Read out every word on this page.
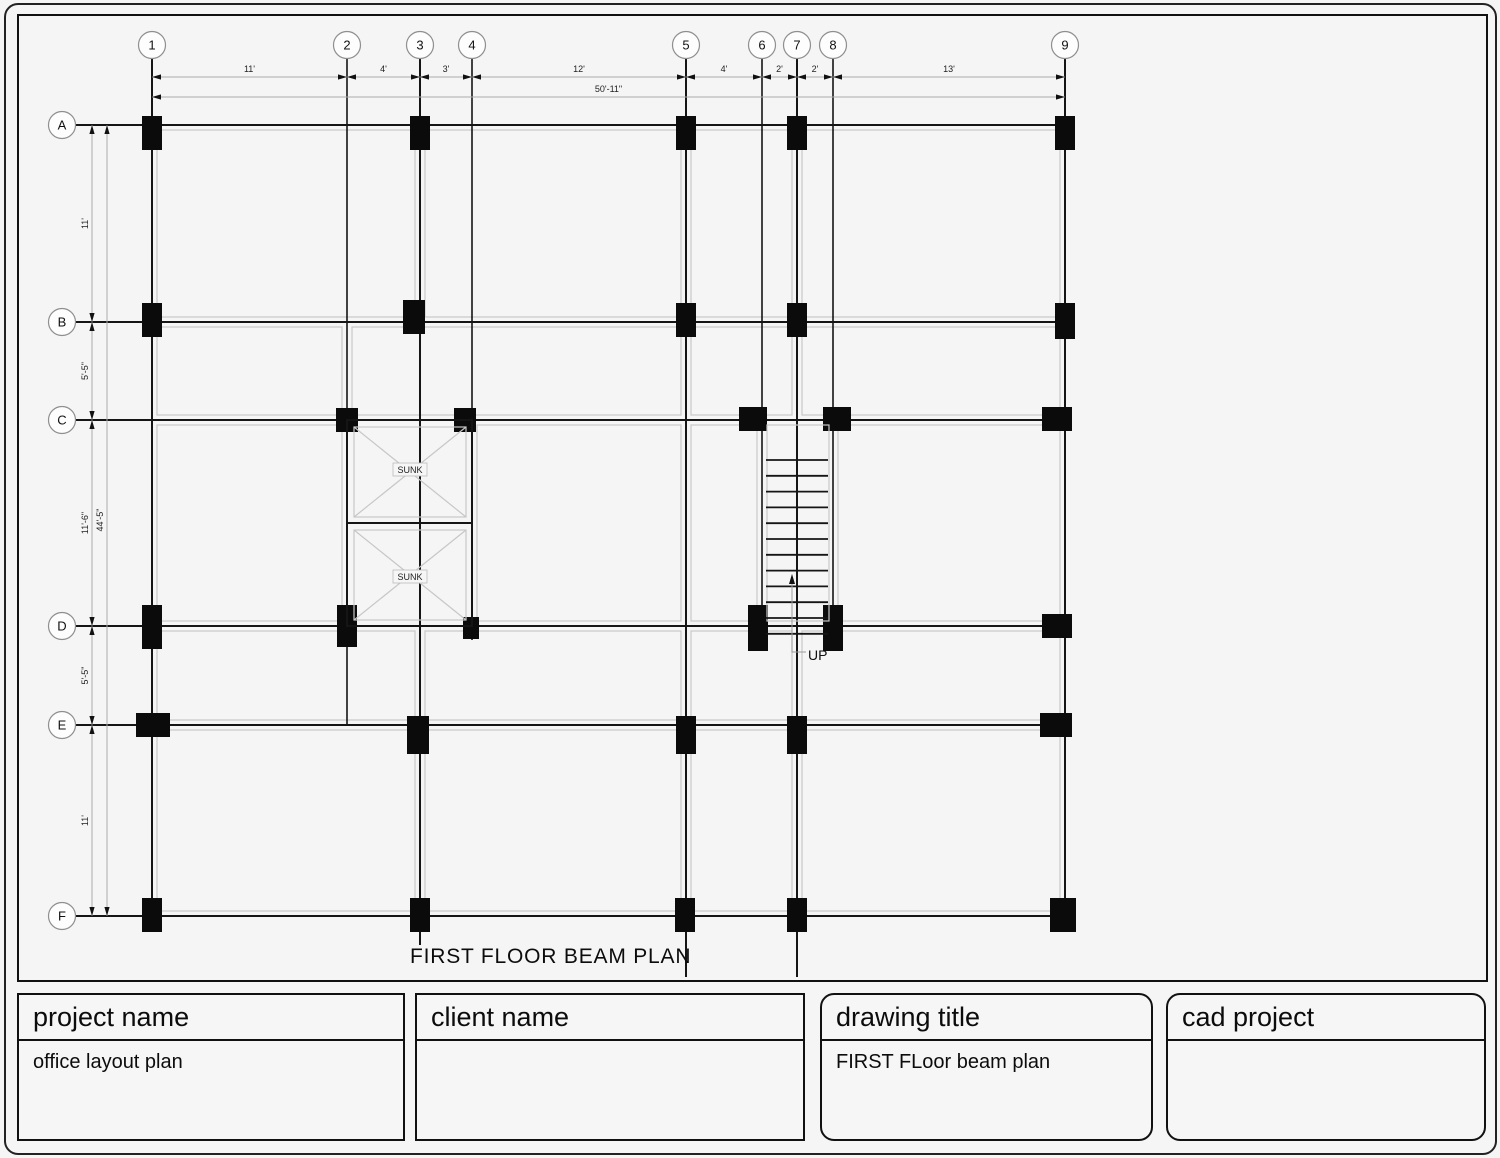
SUNK
SUNK
UP
11'	4'	3'	12'	4'	2'	2'	13'
50'-11"
11'
5'-5"
11'-6"
5'-5"
11'
44'-5"
1	2	3	4	5	6 7 8	9
A
B
C
D
E
F
FIRST FLOOR BEAM PLAN
project name
office layout plan
client name	drawing title
FIRST FLoor beam plan
cad project
